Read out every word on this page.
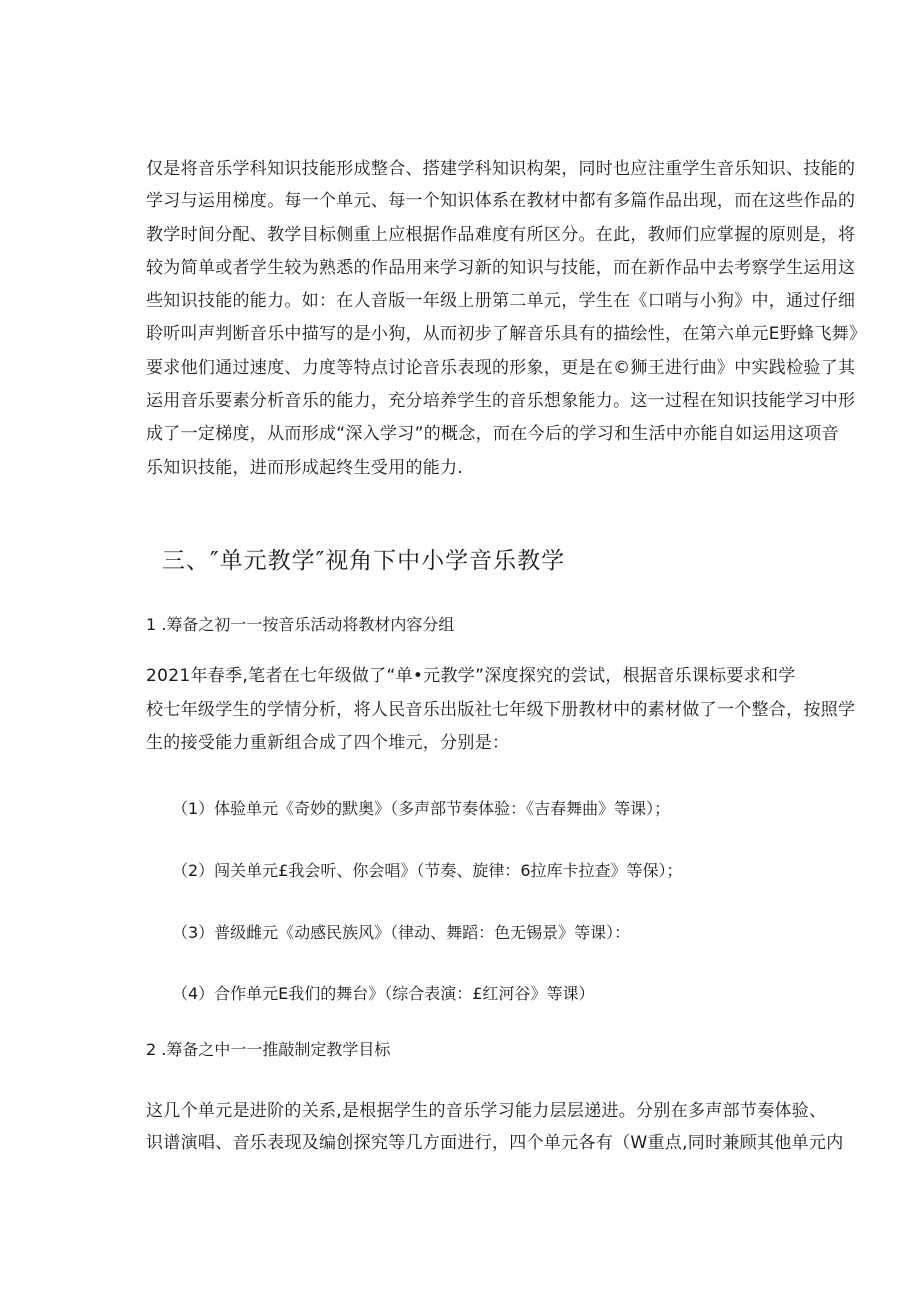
仅是将音乐学科知识技能形成整合、搭建学科知识构架，同时也应注重学生音乐知识、技能的
学习与运用梯度。每一个单元、每一个知识体系在教材中都有多篇作品出现，而在这些作品的
教学时间分配、教学目标侧重上应根据作品难度有所区分。在此，教师们应掌握的原则是，将
较为简单或者学生较为熟悉的作品用来学习新的知识与技能，而在新作品中去考察学生运用这
些知识技能的能力。如：在人音版一年级上册第二单元，学生在《口哨与小狗》中，通过仔细
聆听叫声判断音乐中描写的是小狗，从而初步了解音乐具有的描绘性，在第六单元E野蜂飞舞》
要求他们通过速度、力度等特点讨论音乐表现的形象，更是在©狮王进行曲》中实践检验了其
运用音乐要素分析音乐的能力，充分培养学生的音乐想象能力。这一过程在知识技能学习中形
成了一定梯度，从而形成“深入学习”的概念，而在今后的学习和生活中亦能自如运用这项音
乐知识技能，进而形成起终生受用的能力.
三、″单元教学″视角下中小学音乐教学
1 .筹备之初一一按音乐活动将教材内容分组
2021年春季,笔者在七年级做了“单•元教学”深度探究的尝试，根据音乐课标要求和学
校七年级学生的学情分析，将人民音乐出版社七年级下册教材中的素材做了一个整合，按照学
生的接受能力重新组合成了四个堆元，分别是：
（1）体验单元《奇妙的默奥》（多声部节奏体验：《吉春舞曲》等课）；
（2）闯关单元£我会听、你会唱》（节奏、旋律：6拉库卡拉查》等保）；
（3）普级雌元《动感民族风》（律动、舞蹈：色无锡景》等课）：
（4）合作单元E我们的舞台》（综合表演：£红河谷》等课）
2 .筹备之中一一推敲制定教学目标
这几个单元是进阶的关系,是根据学生的音乐学习能力层层递进。分别在多声部节奏体验、
识谱演唱、音乐表现及编创探究等几方面进行，四个单元各有（W重点,同时兼顾其他单元内
